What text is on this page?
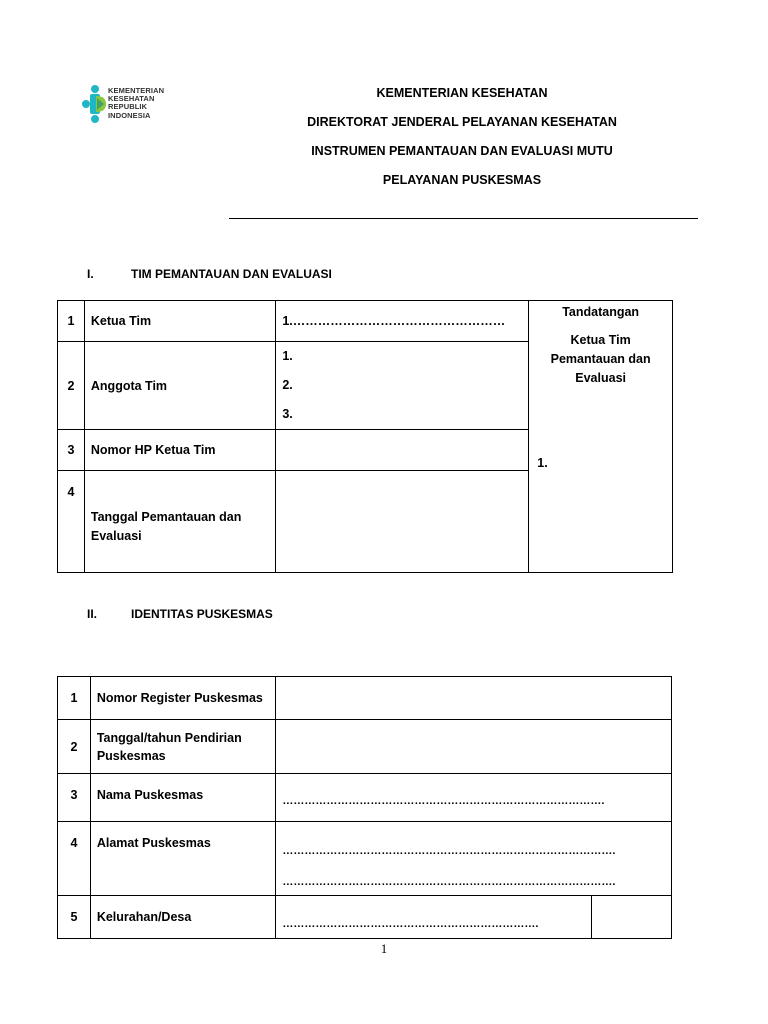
KEMENTERIAN
KESEHATAN
REPUBLIK
INDONESIA
KEMENTERIAN KESEHATAN
DIREKTORAT JENDERAL PELAYANAN KESEHATAN
INSTRUMEN PEMANTAUAN DAN EVALUASI MUTU
PELAYANAN PUSKESMAS
I.	TIM PEMANTAUAN DAN EVALUASI
1	Ketua Tim	1.……………………………………………	Tandatangan
Ketua Tim
Pemantauan dan
Evaluasi
1.

2	Anggota Tim	1.
2.
3.	

3	Nomor HP Ketua Tim		
4	Tanggal Pemantauan dan
Evaluasi		

II.	IDENTITAS PUSKESMAS
1	Nomor Register Puskesmas		
2	Tanggal/tahun Pendirian
Puskesmas		

3	Nama Puskesmas	…………………………………………………………………………….	
4	Alamat Puskesmas	……………………………………………………………………………….
……………………………………………………………………………….	

5	Kelurahan/Desa	…………………………………………………………….	
1
